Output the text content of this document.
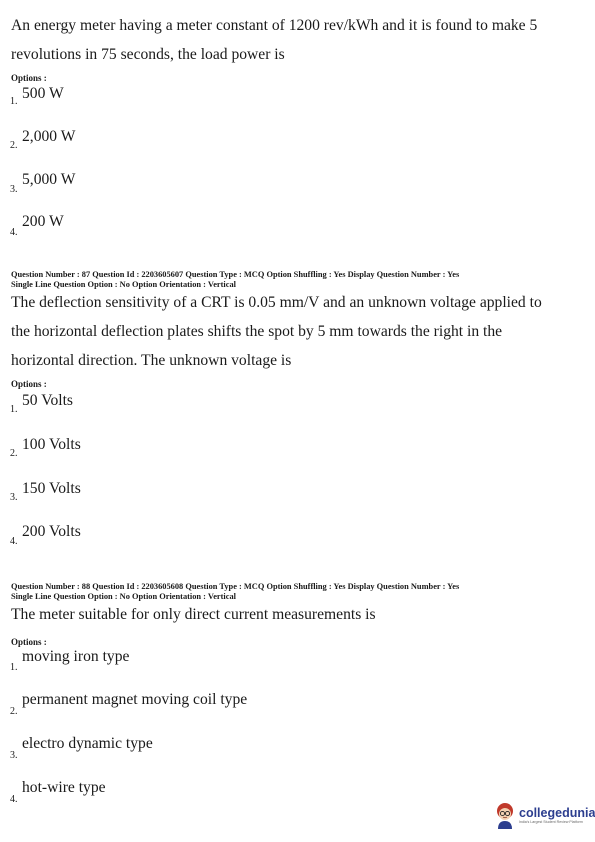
An energy meter having a meter constant of 1200 rev/kWh and it is found to make 5
revolutions in 75 seconds, the load power is
Options :
1. 500 W
2.
2,000 W
3.
5,000 W
4.
200 W
Question Number : 87 Question Id : 2203605607 Question Type : MCQ Option Shuffling : Yes Display Question Number : Yes
Single Line Question Option : No Option Orientation : Vertical
The deflection sensitivity of a CRT is 0.05 mm/V and an unknown voltage applied to
the horizontal deflection plates shifts the spot by 5 mm towards the right in the
horizontal direction. The unknown voltage is
Options :
1.
50 Volts
2.
100 Volts
3.
150 Volts
4.
200 Volts
Question Number : 88 Question Id : 2203605608 Question Type : MCQ Option Shuffling : Yes Display Question Number : Yes
Single Line Question Option : No Option Orientation : Vertical
The meter suitable for only direct current measurements is
Options :
1.
moving iron type
2.
permanent magnet moving coil type
3.
electro dynamic type
4.
hot-wire type
collegedunia
India's Largest Student Review Platform
